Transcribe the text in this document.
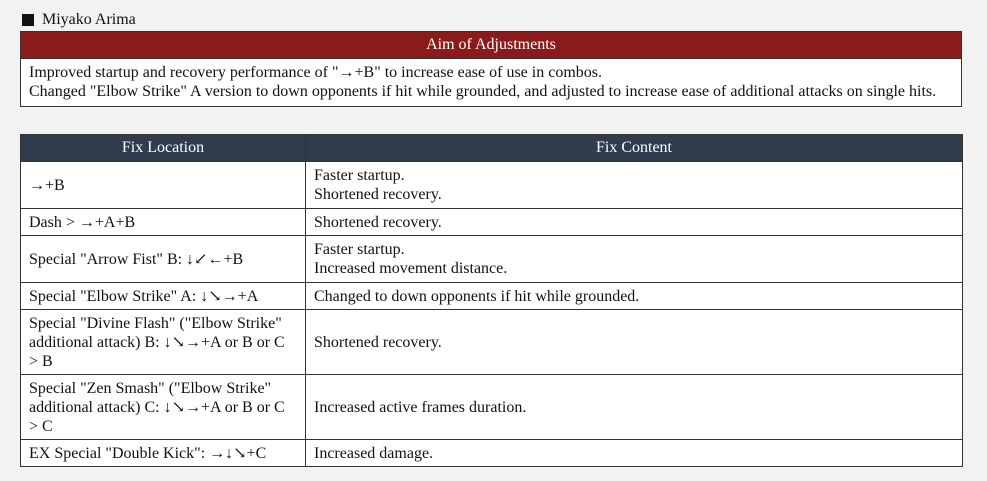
Miyako Arima
Aim of Adjustments

Improved startup and recovery performance of "→+B" to increase ease of use in combos.

Changed "Elbow Strike" A version to down opponents if hit while grounded, and adjusted to increase ease of additional attacks on single hits.

Fix Location	Fix Content
→+B	Faster startup.
Shortened recovery.

Dash > →+A+B	Shortened recovery.

Special "Arrow Fist" B: ↓↙←+B	Faster startup.
Increased movement distance.

Special "Elbow Strike" A: ↓↘→+A	Changed to down opponents if hit while grounded.

Special "Divine Flash" ("Elbow Strike" additional attack) B: ↓↘→+A or B or C > B	Shortened recovery.

Special "Zen Smash" ("Elbow Strike" additional attack) C: ↓↘→+A or B or C > C	Increased active frames duration.

EX Special "Double Kick": →↓↘+C	Increased damage.
